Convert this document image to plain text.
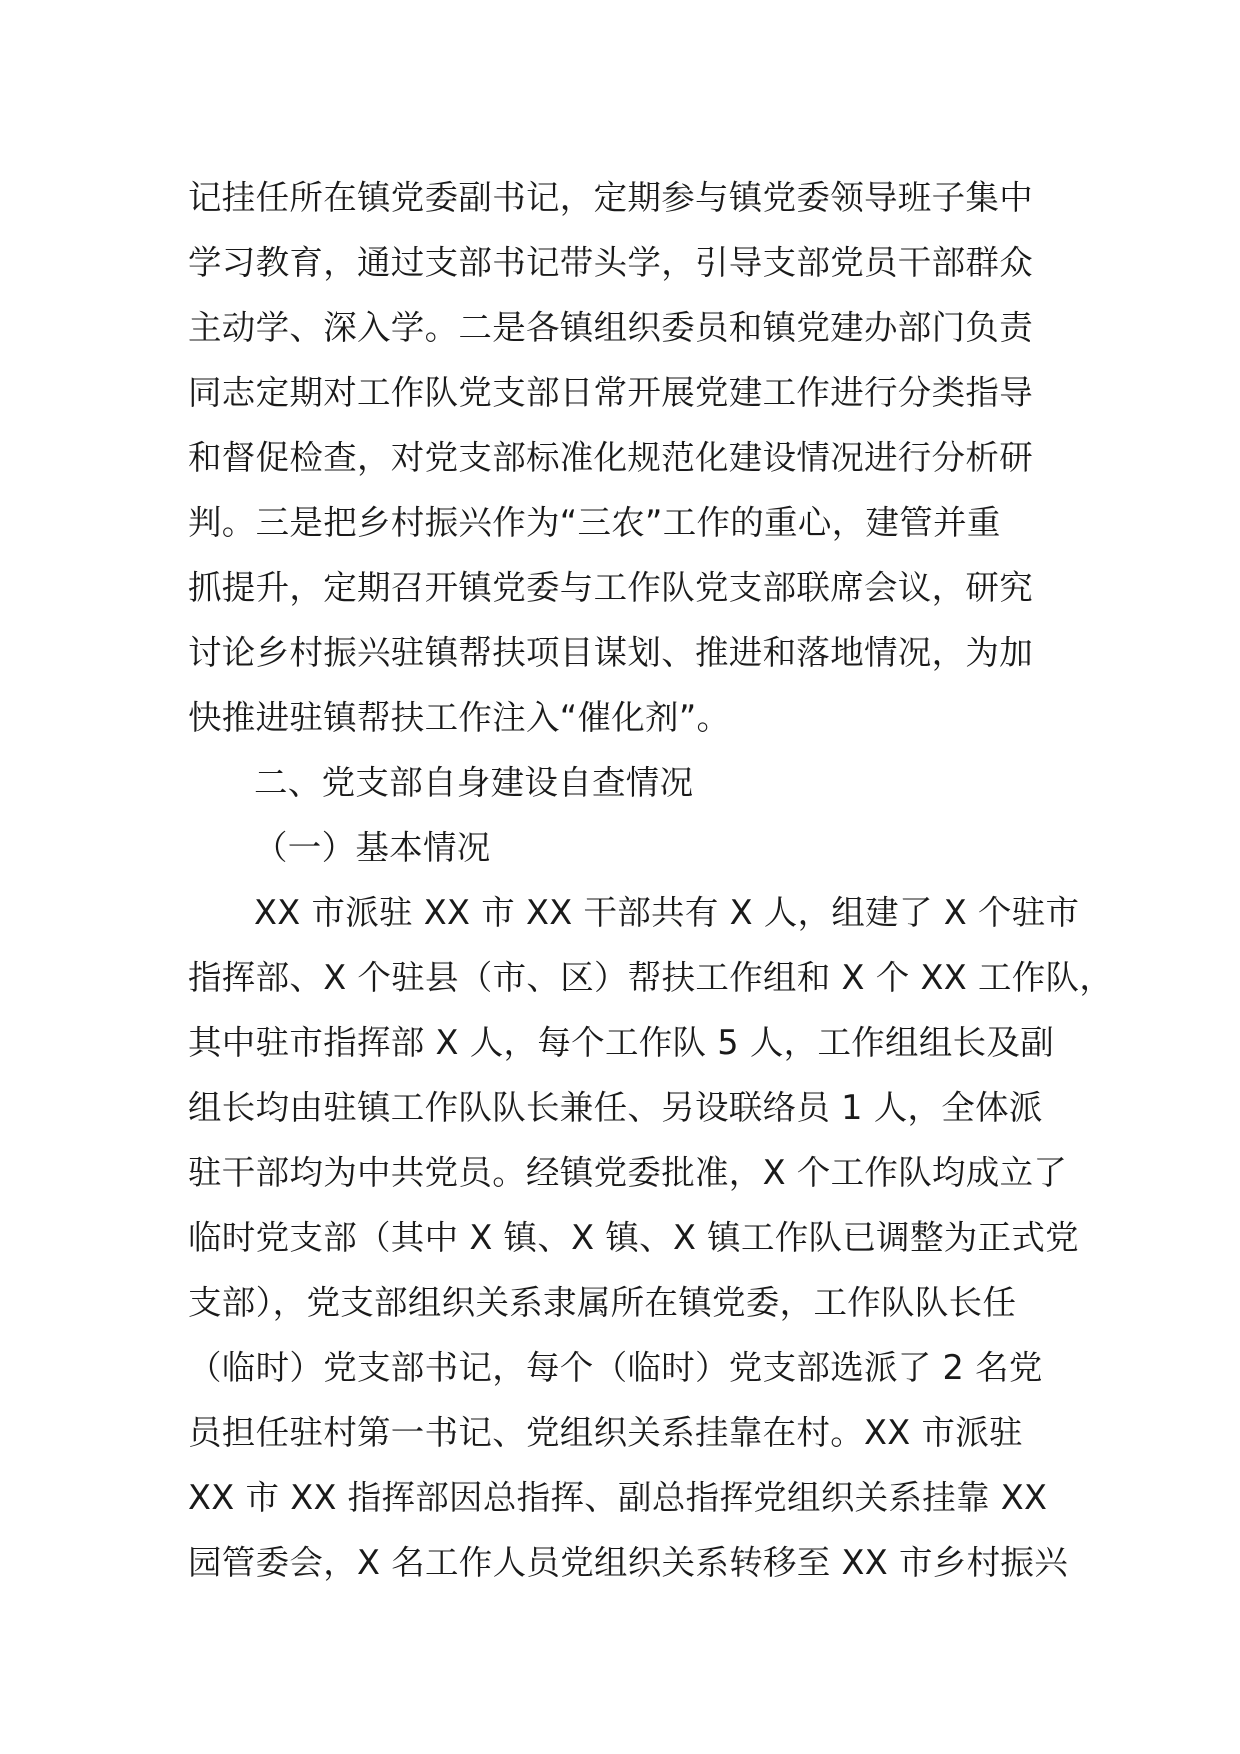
记挂任所在镇党委副书记，定期参与镇党委领导班子集中
学习教育，通过支部书记带头学，引导支部党员干部群众
主动学、深入学。二是各镇组织委员和镇党建办部门负责
同志定期对工作队党支部日常开展党建工作进行分类指导
和督促检查，对党支部标准化规范化建设情况进行分析研
判。三是把乡村振兴作为“三农”工作的重心，建管并重
抓提升，定期召开镇党委与工作队党支部联席会议，研究
讨论乡村振兴驻镇帮扶项目谋划、推进和落地情况，为加
快推进驻镇帮扶工作注入“催化剂”。
二、党支部自身建设自查情况
（一）基本情况
XX 市派驻 XX 市 XX 干部共有 X 人，组建了 X 个驻市
指挥部、X 个驻县（市、区）帮扶工作组和 X 个 XX 工作队，
其中驻市指挥部 X 人，每个工作队 5 人，工作组组长及副
组长均由驻镇工作队队长兼任、另设联络员 1 人，全体派
驻干部均为中共党员。经镇党委批准，X 个工作队均成立了
临时党支部（其中 X 镇、X 镇、X 镇工作队已调整为正式党
支部），党支部组织关系隶属所在镇党委，工作队队长任
（临时）党支部书记，每个（临时）党支部选派了 2 名党
员担任驻村第一书记、党组织关系挂靠在村。XX 市派驻
XX 市 XX 指挥部因总指挥、副总指挥党组织关系挂靠 XX
园管委会，X 名工作人员党组织关系转移至 XX 市乡村振兴
